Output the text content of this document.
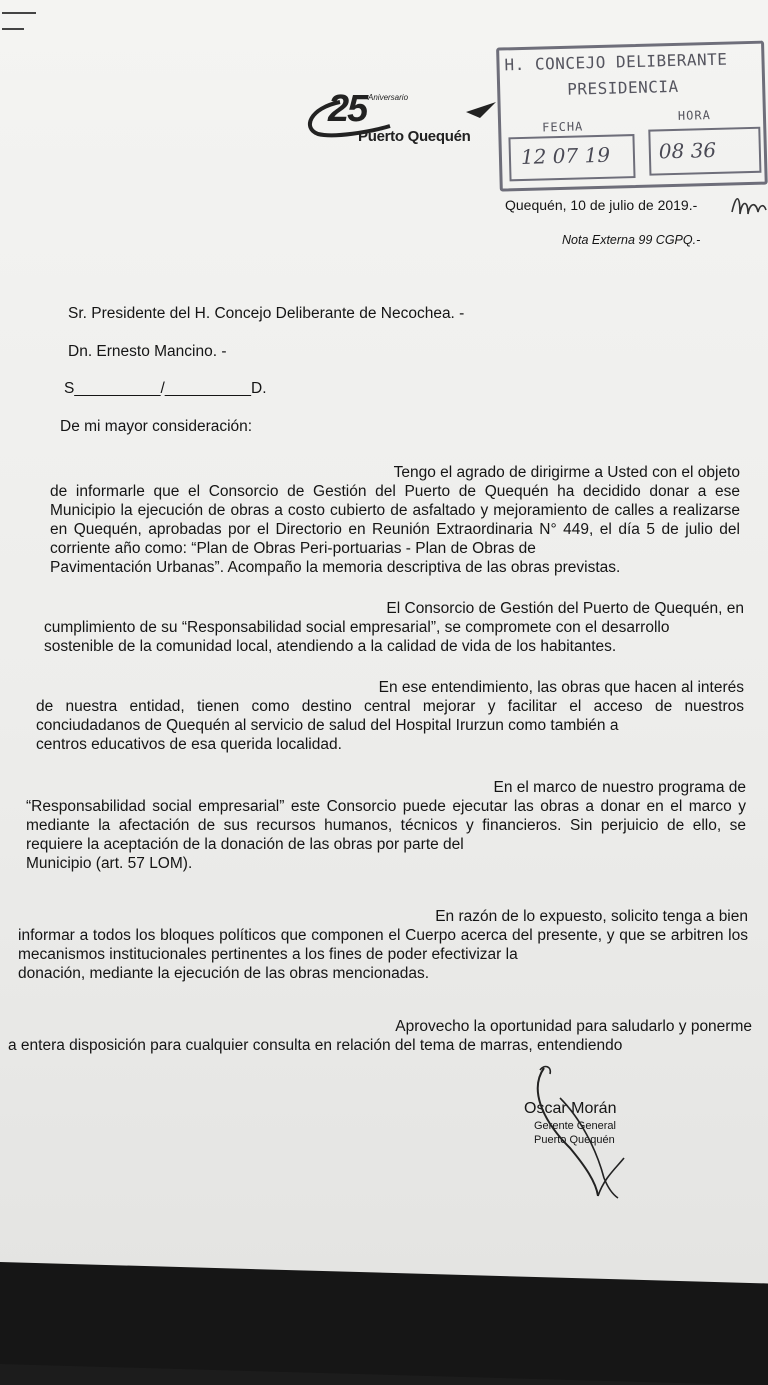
25 Aniversario
Puerto Quequén
H. CONCEJO DELIBERANTE
PRESIDENCIA
FECHA
HORA
12 07 19 08 36
Quequén, 10 de julio de 2019.-
Nota Externa 99 CGPQ.-
Sr. Presidente del H. Concejo Deliberante de Necochea. -
Dn. Ernesto Mancino. -
S__________/__________D.
De mi mayor consideración:
Tengo el agrado de dirigirme a Usted con el objeto
de informarle que el Consorcio de Gestión del Puerto de Quequén ha decidido donar a ese Municipio la ejecución de obras a costo cubierto de asfaltado y mejoramiento de calles a realizarse en Quequén, aprobadas por el Directorio en Reunión Extraordinaria N° 449, el día 5 de julio del corriente año como: “Plan de Obras Peri-portuarias - Plan de Obras de
Pavimentación Urbanas”. Acompaño la memoria descriptiva de las obras previstas.
El Consorcio de Gestión del Puerto de Quequén, en
cumplimiento de su “Responsabilidad social empresarial”, se compromete con el desarrollo
sostenible de la comunidad local, atendiendo a la calidad de vida de los habitantes.
En ese entendimiento, las obras que hacen al interés
de nuestra entidad, tienen como destino central mejorar y facilitar el acceso de nuestros conciudadanos de Quequén al servicio de salud del Hospital Irurzun como también a
centros educativos de esa querida localidad.
En el marco de nuestro programa de
“Responsabilidad social empresarial” este Consorcio puede ejecutar las obras a donar en el marco y mediante la afectación de sus recursos humanos, técnicos y financieros. Sin perjuicio de ello, se requiere la aceptación de la donación de las obras por parte del
Municipio (art. 57 LOM).
En razón de lo expuesto, solicito tenga a bien
informar a todos los bloques políticos que componen el Cuerpo acerca del presente, y que se arbitren los mecanismos institucionales pertinentes a los fines de poder efectivizar la
donación, mediante la ejecución de las obras mencionadas.
Aprovecho la oportunidad para saludarlo y ponerme
a entera disposición para cualquier consulta en relación del tema de marras, entendiendo
Oscar Morán
Gerente General
Puerto Quequén
